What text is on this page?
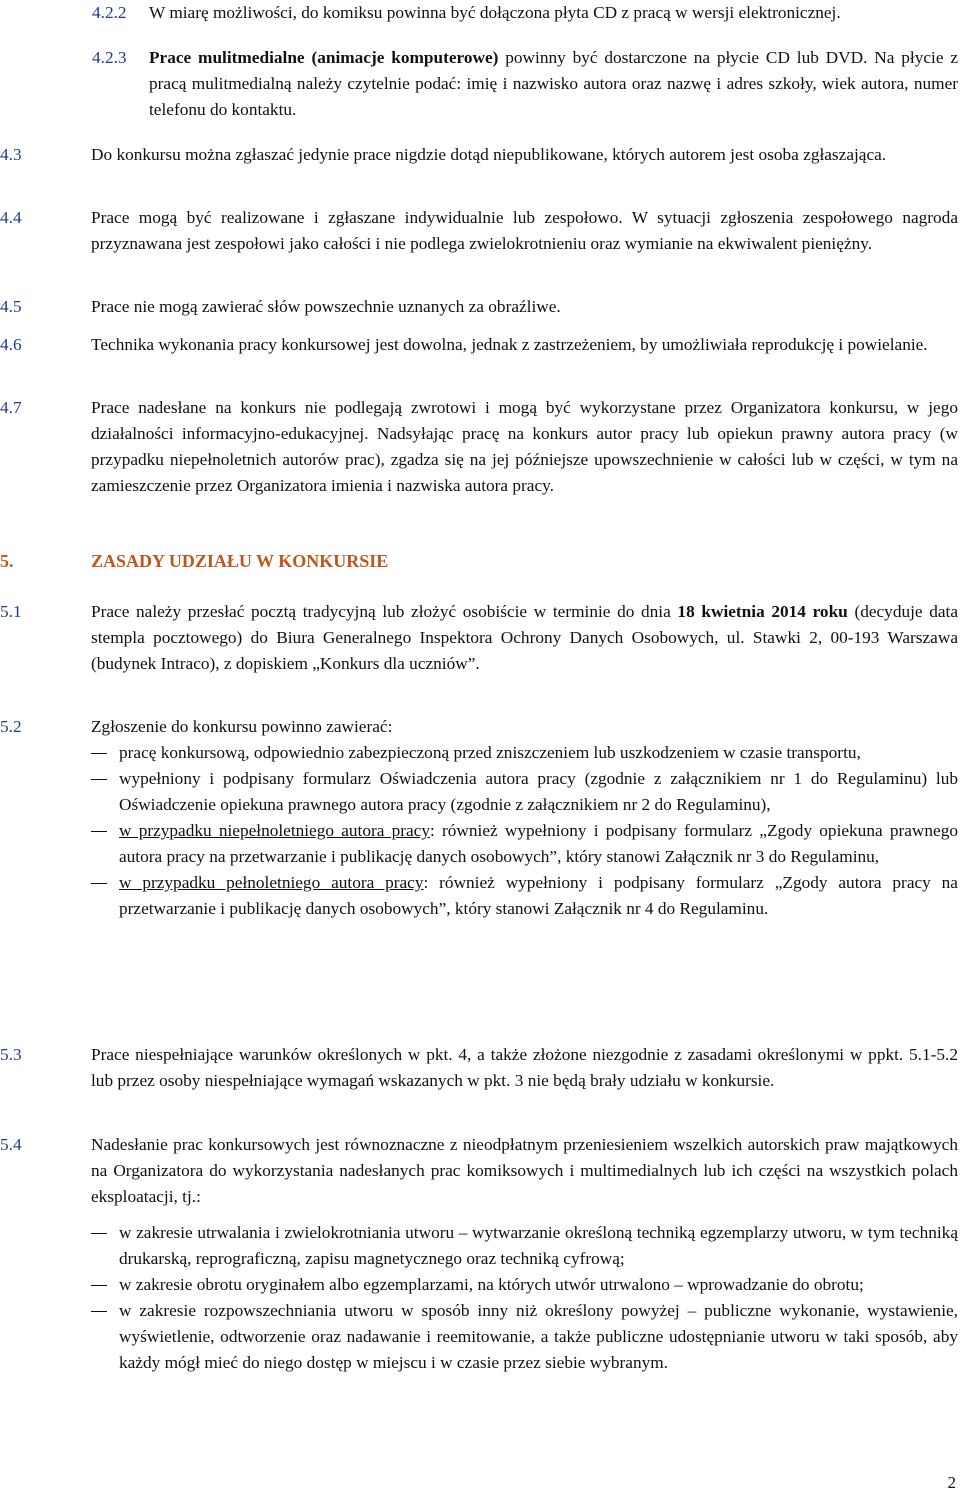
4.2.2 W miarę możliwości, do komiksu powinna być dołączona płyta CD z pracą w wersji elektronicznej.

4.2.3 Prace mulitmedialne (animacje komputerowe) powinny być dostarczone na płycie CD lub DVD. Na płycie z pracą mulitmedialną należy czytelnie podać: imię i nazwisko autora oraz nazwę i adres szkoły, wiek autora, numer telefonu do kontaktu.

4.3	Do konkursu można zgłaszać jedynie prace nigdzie dotąd niepublikowane, których autorem jest osoba zgłaszająca.

4.4	Prace mogą być realizowane i zgłaszane indywidualnie lub zespołowo. W sytuacji zgłoszenia zespołowego nagroda przyznawana jest zespołowi jako całości i nie podlega zwielokrotnieniu oraz wymianie na ekwiwalent pieniężny.

4.5	Prace nie mogą zawierać słów powszechnie uznanych za obraźliwe.

4.6	Technika wykonania pracy konkursowej jest dowolna, jednak z zastrzeżeniem, by umożliwiała reprodukcję i powielanie.

4.7	Prace nadesłane na konkurs nie podlegają zwrotowi i mogą być wykorzystane przez Organizatora konkursu, w jego działalności informacyjno-edukacyjnej. Nadsyłając pracę na konkurs autor pracy lub opiekun prawny autora pracy (w przypadku niepełnoletnich autorów prac), zgadza się na jej późniejsze upowszechnienie w całości lub w części, w tym na zamieszczenie przez Organizatora imienia i nazwiska autora pracy.

5.	ZASADY UDZIAŁU W KONKURSIE
5.1	Prace należy przesłać pocztą tradycyjną lub złożyć osobiście w terminie do dnia 18 kwietnia 2014 roku (decyduje data stempla pocztowego) do Biura Generalnego Inspektora Ochrony Danych Osobowych, ul. Stawki 2, 00-193 Warszawa (budynek Intraco), z dopiskiem „Konkurs dla uczniów”.

5.2	Zgłoszenie do konkursu powinno zawierać:

pracę konkursową, odpowiednio zabezpieczoną przed zniszczeniem lub uszkodzeniem w czasie transportu,
wypełniony i podpisany formularz Oświadczenia autora pracy (zgodnie z załącznikiem nr 1 do Regulaminu) lub Oświadczenie opiekuna prawnego autora pracy (zgodnie z załącznikiem nr 2 do Regulaminu),
w przypadku niepełnoletniego autora pracy: również wypełniony i podpisany formularz „Zgody opiekuna prawnego autora pracy na przetwarzanie i publikację danych osobowych”, który stanowi Załącznik nr 3 do Regulaminu,
w przypadku pełnoletniego autora pracy: również wypełniony i podpisany formularz „Zgody autora pracy na przetwarzanie i publikację danych osobowych”, który stanowi Załącznik nr 4 do Regulaminu.
5.3	Prace niespełniające warunków określonych w pkt. 4, a także złożone niezgodnie z zasadami określonymi w ppkt. 5.1-5.2 lub przez osoby niespełniające wymagań wskazanych w pkt. 3 nie będą brały udziału w konkursie.

5.4	Nadesłanie prac konkursowych jest równoznaczne z nieodpłatnym przeniesieniem wszelkich autorskich praw majątkowych na Organizatora do wykorzystania nadesłanych prac komiksowych i multimedialnych lub ich części na wszystkich polach eksploatacji, tj.:

w zakresie utrwalania i zwielokrotniania utworu – wytwarzanie określoną techniką egzemplarzy utworu, w tym techniką drukarską, reprograficzną, zapisu magnetycznego oraz techniką cyfrową;
w zakresie obrotu oryginałem albo egzemplarzami, na których utwór utrwalono – wprowadzanie do obrotu;
w zakresie rozpowszechniania utworu w sposób inny niż określony powyżej – publiczne wykonanie, wystawienie, wyświetlenie, odtworzenie oraz nadawanie i reemitowanie, a także publiczne udostępnianie utworu w taki sposób, aby każdy mógł mieć do niego dostęp w miejscu i w czasie przez siebie wybranym.
2
